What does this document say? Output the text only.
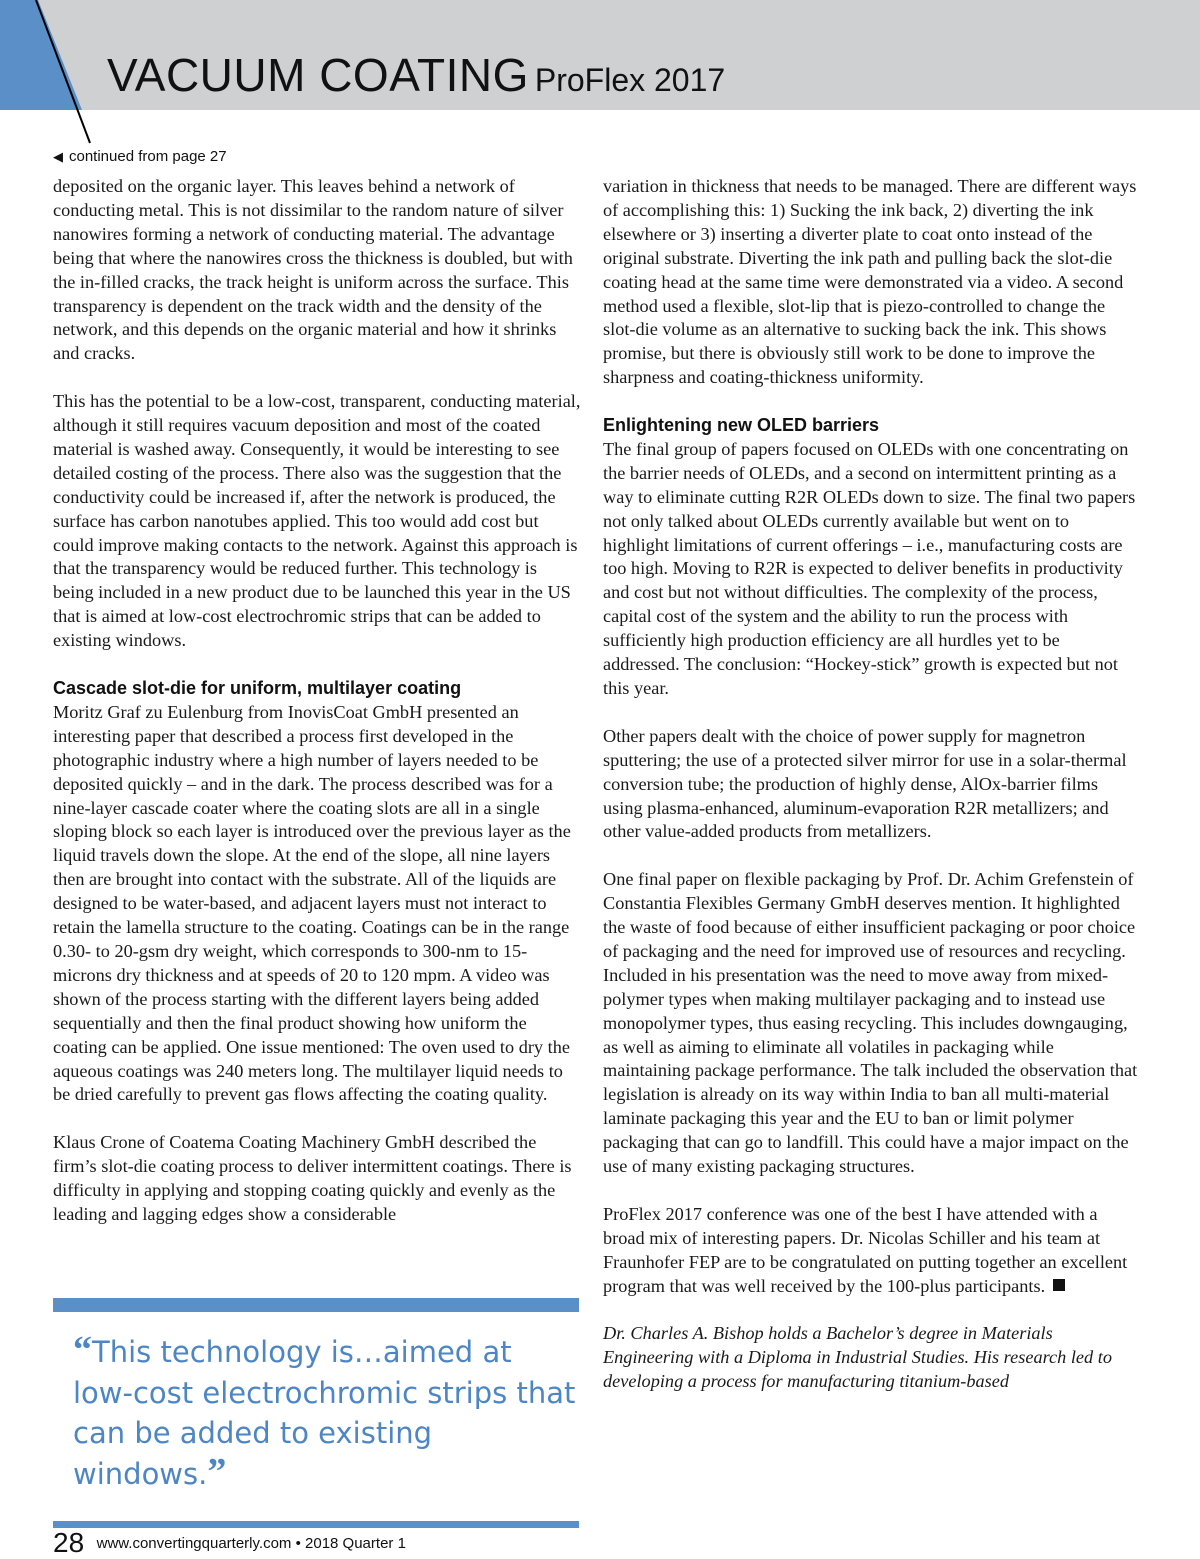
VACUUM COATING ProFlex 2017
◀ continued from page 27

deposited on the organic layer. This leaves behind a network of conducting metal. This is not dissimilar to the random nature of silver nanowires forming a network of conducting material. The advantage being that where the nanowires cross the thickness is doubled, but with the in-filled cracks, the track height is uniform across the surface. This transparency is dependent on the track width and the density of the network, and this depends on the organic material and how it shrinks and cracks.

This has the potential to be a low-cost, transparent, conducting material, although it still requires vacuum deposition and most of the coated material is washed away. Consequently, it would be interesting to see detailed costing of the process. There also was the suggestion that the conductivity could be increased if, after the network is produced, the surface has carbon nanotubes applied. This too would add cost but could improve making contacts to the network. Against this approach is that the transparency would be reduced further. This technology is being included in a new product due to be launched this year in the US that is aimed at low-cost electrochromic strips that can be added to existing windows.

Cascade slot-die for uniform, multilayer coating

Moritz Graf zu Eulenburg from InovisCoat GmbH presented an interesting paper that described a process first developed in the photographic industry where a high number of layers needed to be deposited quickly – and in the dark. The process described was for a nine-layer cascade coater where the coating slots are all in a single sloping block so each layer is introduced over the previous layer as the liquid travels down the slope. At the end of the slope, all nine layers then are brought into contact with the substrate. All of the liquids are designed to be water-based, and adjacent layers must not interact to retain the lamella structure to the coating. Coatings can be in the range 0.30- to 20-gsm dry weight, which corresponds to 300-nm to 15-microns dry thickness and at speeds of 20 to 120 mpm. A video was shown of the process starting with the different layers being added sequentially and then the final product showing how uniform the coating can be applied. One issue mentioned: The oven used to dry the aqueous coatings was 240 meters long. The multilayer liquid needs to be dried carefully to prevent gas flows affecting the coating quality.

Klaus Crone of Coatema Coating Machinery GmbH described the firm’s slot-die coating process to deliver intermittent coatings. There is difficulty in applying and stopping coating quickly and evenly as the leading and lagging edges show a considerable

variation in thickness that needs to be managed. There are different ways of accomplishing this: 1) Sucking the ink back, 2) diverting the ink elsewhere or 3) inserting a diverter plate to coat onto instead of the original substrate. Diverting the ink path and pulling back the slot-die coating head at the same time were demonstrated via a video. A second method used a flexible, slot-lip that is piezo-controlled to change the slot-die volume as an alternative to sucking back the ink. This shows promise, but there is obviously still work to be done to improve the sharpness and coating-thickness uniformity.

Enlightening new OLED barriers

The final group of papers focused on OLEDs with one concentrating on the barrier needs of OLEDs, and a second on intermittent printing as a way to eliminate cutting R2R OLEDs down to size. The final two papers not only talked about OLEDs currently available but went on to highlight limitations of current offerings – i.e., manufacturing costs are too high. Moving to R2R is expected to deliver benefits in productivity and cost but not without difficulties. The complexity of the process, capital cost of the system and the ability to run the process with sufficiently high production efficiency are all hurdles yet to be addressed. The conclusion: “Hockey-stick” growth is expected but not this year.

Other papers dealt with the choice of power supply for magnetron sputtering; the use of a protected silver mirror for use in a solar-thermal conversion tube; the production of highly dense, AlOx-barrier films using plasma-enhanced, aluminum-evaporation R2R metallizers; and other value-added products from metallizers.

One final paper on flexible packaging by Prof. Dr. Achim Grefenstein of Constantia Flexibles Germany GmbH deserves mention. It highlighted the waste of food because of either insufficient packaging or poor choice of packaging and the need for improved use of resources and recycling. Included in his presentation was the need to move away from mixed-polymer types when making multilayer packaging and to instead use monopolymer types, thus easing recycling. This includes downgauging, as well as aiming to eliminate all volatiles in packaging while maintaining package performance. The talk included the observation that legislation is already on its way within India to ban all multi-material laminate packaging this year and the EU to ban or limit polymer packaging that can go to landfill. This could have a major impact on the use of many existing packaging structures.

ProFlex 2017 conference was one of the best I have attended with a broad mix of interesting papers. Dr. Nicolas Schiller and his team at Fraunhofer FEP are to be congratulated on putting together an excellent program that was well received by the 100-plus participants.

Dr. Charles A. Bishop holds a Bachelor’s degree in Materials Engineering with a Diploma in Industrial Studies. His research led to developing a process for manufacturing titanium-based

“This technology is…aimed at low-cost electrochromic strips that can be added to existing windows.”
28 www.convertingquarterly.com • 2018 Quarter 1
